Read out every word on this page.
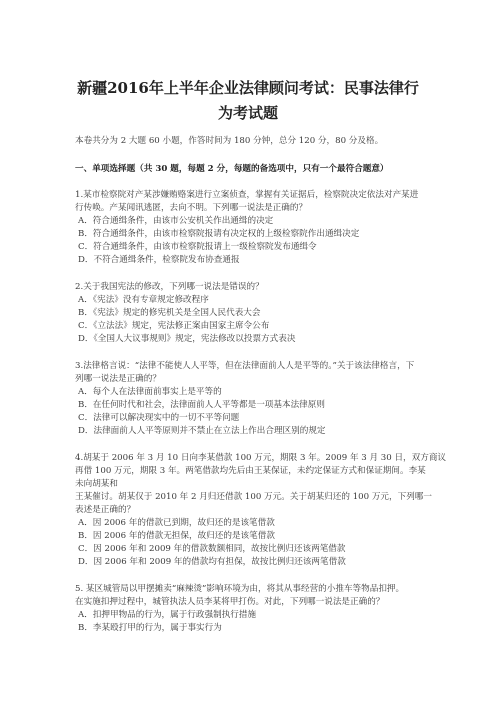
新疆2016年上半年企业法律顾问考试：民事法律行
为考试题
本卷共分为 2 大题 60 小题，作答时间为 180 分钟，总分 120 分，80 分及格。
一、单项选择题（共 30 题，每题 2 分，每题的备选项中，只有一个最符合题意）
1.某市检察院对产某涉嫌贿赂案进行立案侦查，掌握有关证据后，检察院决定依法对产某进
行传唤。产某闻讯逃匿，去向不明。下列哪一说法是正确的？
A．符合通缉条件，由该市公安机关作出通缉的决定
B．符合通缉条件，由该市检察院报请有决定权的上级检察院作出通缉决定
C．符合通缉条件，由该市检察院报请上一级检察院发布通缉令
D．不符合通缉条件，检察院发布协查通报
2.关于我国宪法的修改，下列哪一说法是错误的？
A．《宪法》没有专章规定修改程序
B．《宪法》规定的修宪机关是全国人民代表大会
C．《立法法》规定，宪法修正案由国家主席令公布
D．《全国人大议事规则》规定，宪法修改以投票方式表决
3.法律格言说：“法律不能使人人平等，但在法律面前人人是平等的。”关于该法律格言，下
列哪一说法是正确的？
A．每个人在法律面前事实上是平等的
B．在任何时代和社会，法律面前人人平等都是一项基本法律原则
C．法律可以解决现实中的一切不平等问题
D．法律面前人人平等原则并不禁止在立法上作出合理区别的规定
4.胡某于 2006 年 3 月 10 日向李某借款 100 万元，期限 3 年。2009 年 3 月 30 日，双方商议
再借 100 万元，期限 3 年。两笔借款均先后由王某保证，未约定保证方式和保证期间。李某
未向胡某和
王某催讨。胡某仅于 2010 年 2 月归还借款 100 万元。关于胡某归还的 100 万元，下列哪一
表述是正确的？
A．因 2006 年的借款已到期，故归还的是该笔借款
B．因 2006 年的借款无担保，故归还的是该笔借款
C．因 2006 年和 2009 年的借款数额相同，故按比例归还该两笔借款
D．因 2006 年和 2009 年的借款均有担保，故按比例归还该两笔借款
5. 某区城管局以甲摆摊卖“麻辣烫”影响环境为由，将其从事经营的小推车等物品扣押。
在实施扣押过程中，城管执法人员李某将甲打伤。对此，下列哪一说法是正确的？
A．扣押甲物品的行为，属于行政强制执行措施
B．李某殴打甲的行为，属于事实行为
